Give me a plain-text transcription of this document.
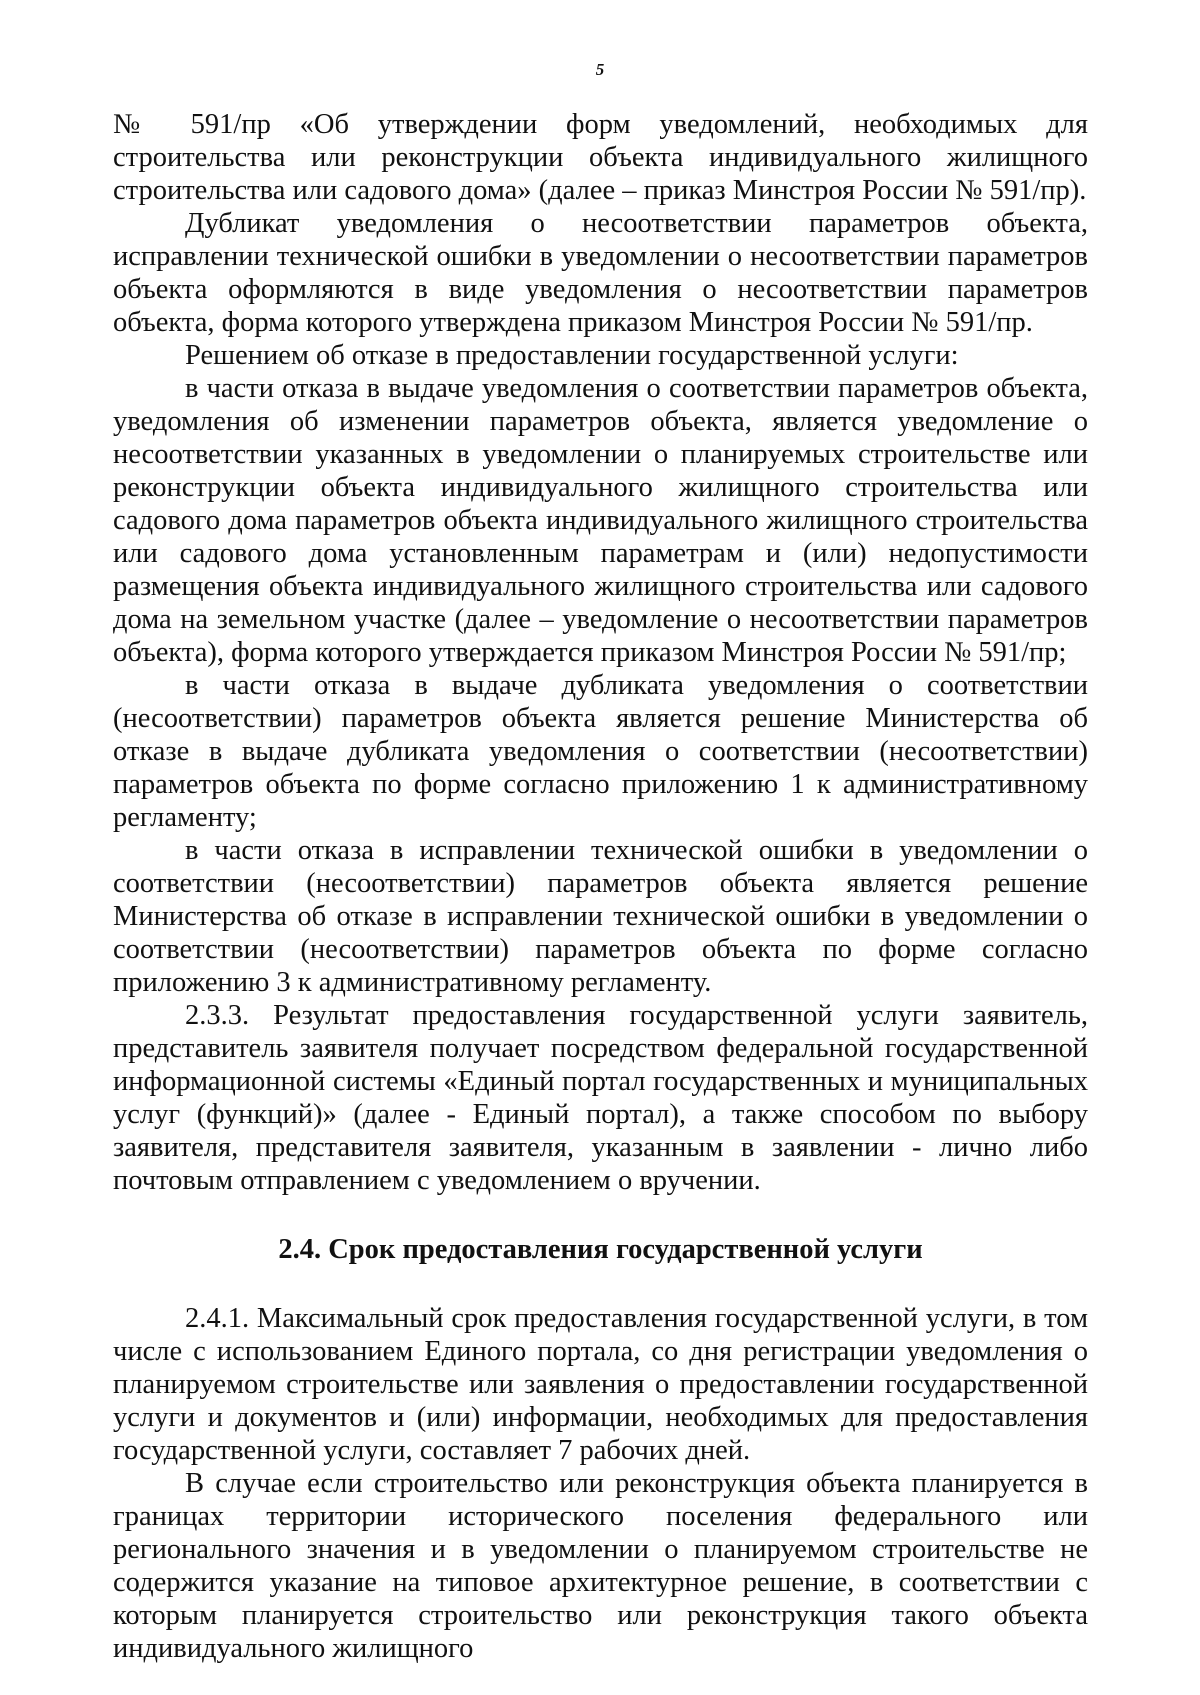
5

№ 591/пр «Об утверждении форм уведомлений, необходимых для строительства или реконструкции объекта индивидуального жилищного строительства или садового дома» (далее – приказ Минстроя России № 591/пр).

Дубликат уведомления о несоответствии параметров объекта, исправлении технической ошибки в уведомлении о несоответствии параметров объекта оформляются в виде уведомления о несоответствии параметров объекта, форма которого утверждена приказом Минстроя России № 591/пр.

Решением об отказе в предоставлении государственной услуги:

в части отказа в выдаче уведомления о соответствии параметров объекта, уведомления об изменении параметров объекта, является уведомление о несоответствии указанных в уведомлении о планируемых строительстве или реконструкции объекта индивидуального жилищного строительства или садового дома параметров объекта индивидуального жилищного строительства или садового дома установленным параметрам и (или) недопустимости размещения объекта индивидуального жилищного строительства или садового дома на земельном участке (далее – уведомление о несоответствии параметров объекта), форма которого утверждается приказом Минстроя России № 591/пр;

в части отказа в выдаче дубликата уведомления о соответствии (несоответствии) параметров объекта является решение Министерства об отказе в выдаче дубликата уведомления о соответствии (несоответствии) параметров объекта по форме согласно приложению 1 к административному регламенту;

в части отказа в исправлении технической ошибки в уведомлении о соответствии (несоответствии) параметров объекта является решение Министерства об отказе в исправлении технической ошибки в уведомлении о соответствии (несоответствии) параметров объекта по форме согласно приложению 3 к административному регламенту.

2.3.3. Результат предоставления государственной услуги заявитель, представитель заявителя получает посредством федеральной государственной информационной системы «Единый портал государственных и муниципальных услуг (функций)» (далее - Единый портал), а также способом по выбору заявителя, представителя заявителя, указанным в заявлении - лично либо почтовым отправлением с уведомлением о вручении.

2.4. Срок предоставления государственной услуги

2.4.1. Максимальный срок предоставления государственной услуги, в том числе с использованием Единого портала, со дня регистрации уведомления о планируемом строительстве или заявления о предоставлении государственной услуги и документов и (или) информации, необходимых для предоставления государственной услуги, составляет 7 рабочих дней.

В случае если строительство или реконструкция объекта планируется в границах территории исторического поселения федерального или регионального значения и в уведомлении о планируемом строительстве не содержится указание на типовое архитектурное решение, в соответствии с которым планируется строительство или реконструкция такого объекта индивидуального жилищного
